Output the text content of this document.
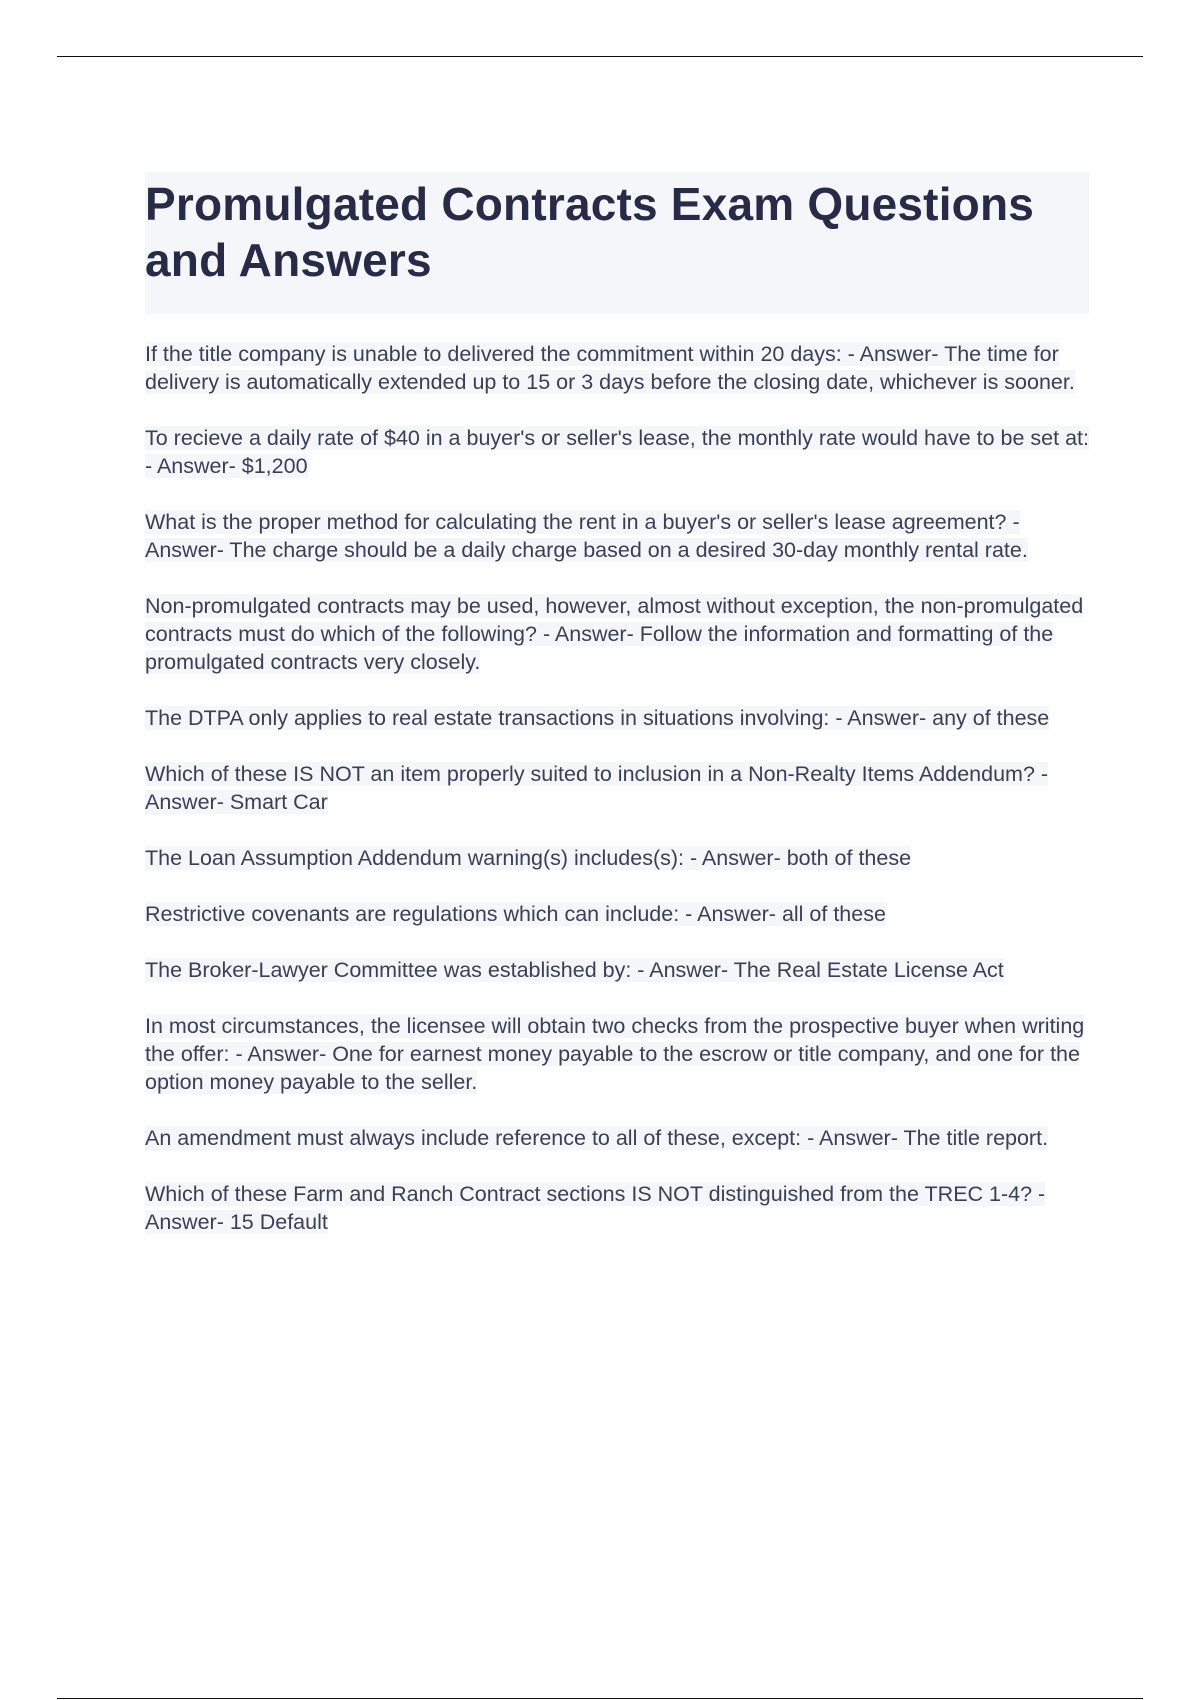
Promulgated Contracts Exam Questions and Answers

If the title company is unable to delivered the commitment within 20 days: - Answer- The time for delivery is automatically extended up to 15 or 3 days before the closing date, whichever is sooner.

To recieve a daily rate of $40 in a buyer's or seller's lease, the monthly rate would have to be set at: - Answer- $1,200

What is the proper method for calculating the rent in a buyer's or seller's lease agreement? - Answer- The charge should be a daily charge based on a desired 30-day monthly rental rate.

Non-promulgated contracts may be used, however, almost without exception, the non-promulgated contracts must do which of the following? - Answer- Follow the information and formatting of the promulgated contracts very closely.

The DTPA only applies to real estate transactions in situations involving: - Answer- any of these

Which of these IS NOT an item properly suited to inclusion in a Non-Realty Items Addendum? - Answer- Smart Car

The Loan Assumption Addendum warning(s) includes(s): - Answer- both of these

Restrictive covenants are regulations which can include: - Answer- all of these

The Broker-Lawyer Committee was established by: - Answer- The Real Estate License Act

In most circumstances, the licensee will obtain two checks from the prospective buyer when writing the offer: - Answer- One for earnest money payable to the escrow or title company, and one for the option money payable to the seller.

An amendment must always include reference to all of these, except: - Answer- The title report.

Which of these Farm and Ranch Contract sections IS NOT distinguished from the TREC 1-4? - Answer- 15 Default
